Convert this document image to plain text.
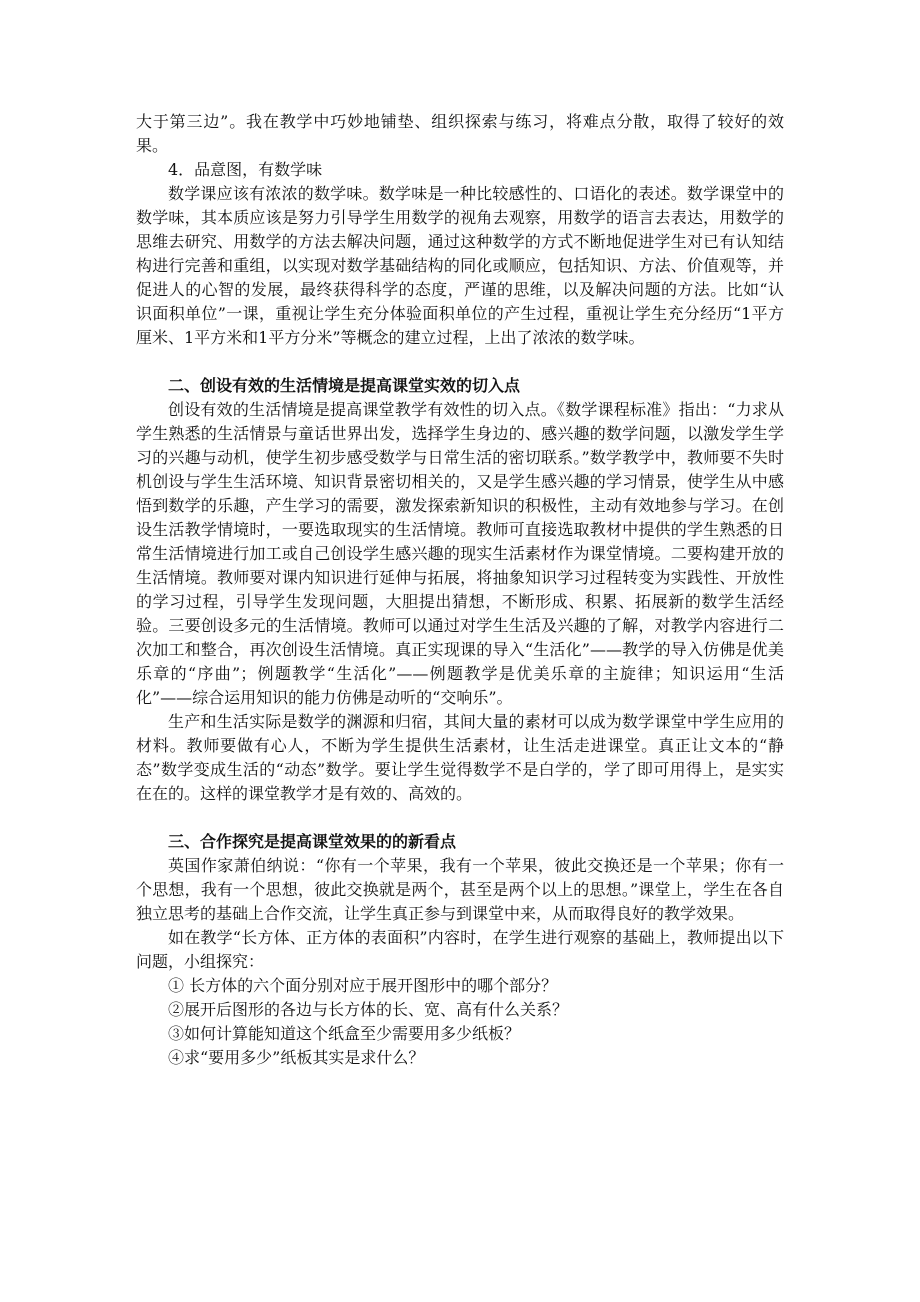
大于第三边”。我在教学中巧妙地铺垫、组织探索与练习，将难点分散，取得了较好的效果。

4．品意图，有数学味

数学课应该有浓浓的数学味。数学味是一种比较感性的、口语化的表述。数学课堂中的数学味，其本质应该是努力引导学生用数学的视角去观察，用数学的语言去表达，用数学的思维去研究、用数学的方法去解决问题，通过这种数学的方式不断地促进学生对已有认知结构进行完善和重组，以实现对数学基础结构的同化或顺应，包括知识、方法、价值观等，并促进人的心智的发展，最终获得科学的态度，严谨的思维，以及解决问题的方法。比如“认识面积单位”一课，重视让学生充分体验面积单位的产生过程，重视让学生充分经历“1平方厘米、1平方米和1平方分米”等概念的建立过程，上出了浓浓的数学味。

二、创设有效的生活情境是提高课堂实效的切入点

创设有效的生活情境是提高课堂教学有效性的切入点。《数学课程标准》指出：“力求从学生熟悉的生活情景与童话世界出发，选择学生身边的、感兴趣的数学问题，以激发学生学习的兴趣与动机，使学生初步感受数学与日常生活的密切联系。”数学教学中，教师要不失时机创设与学生生活环境、知识背景密切相关的，又是学生感兴趣的学习情景，使学生从中感悟到数学的乐趣，产生学习的需要，激发探索新知识的积极性，主动有效地参与学习。在创设生活教学情境时，一要选取现实的生活情境。教师可直接选取教材中提供的学生熟悉的日常生活情境进行加工或自己创设学生感兴趣的现实生活素材作为课堂情境。二要构建开放的生活情境。教师要对课内知识进行延伸与拓展，将抽象知识学习过程转变为实践性、开放性的学习过程，引导学生发现问题，大胆提出猜想，不断形成、积累、拓展新的数学生活经验。三要创设多元的生活情境。教师可以通过对学生生活及兴趣的了解，对教学内容进行二次加工和整合，再次创设生活情境。真正实现课的导入“生活化”——教学的导入仿佛是优美乐章的“序曲”；例题教学“生活化”——例题教学是优美乐章的主旋律；知识运用“生活化”——综合运用知识的能力仿佛是动听的“交响乐”。

生产和生活实际是数学的渊源和归宿，其间大量的素材可以成为数学课堂中学生应用的材料。教师要做有心人，不断为学生提供生活素材，让生活走进课堂。真正让文本的“静态”数学变成生活的“动态”数学。要让学生觉得数学不是白学的，学了即可用得上，是实实在在的。这样的课堂教学才是有效的、高效的。

三、合作探究是提高课堂效果的的新看点

英国作家萧伯纳说：“你有一个苹果，我有一个苹果，彼此交换还是一个苹果；你有一个思想，我有一个思想，彼此交换就是两个，甚至是两个以上的思想。”课堂上，学生在各自独立思考的基础上合作交流，让学生真正参与到课堂中来，从而取得良好的教学效果。

如在教学“长方体、正方体的表面积”内容时，在学生进行观察的基础上，教师提出以下问题，小组探究：

① 长方体的六个面分别对应于展开图形中的哪个部分？

②展开后图形的各边与长方体的长、宽、高有什么关系？

③如何计算能知道这个纸盒至少需要用多少纸板？

④求“要用多少”纸板其实是求什么？
